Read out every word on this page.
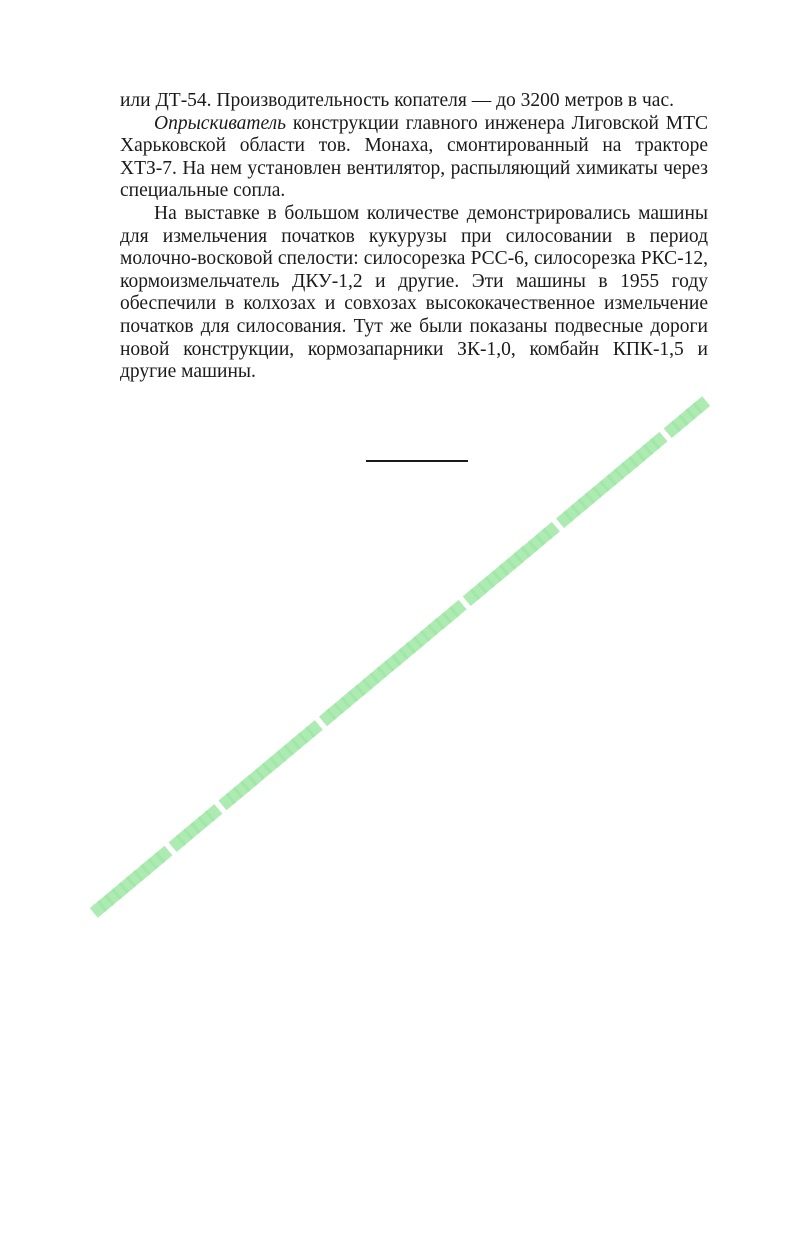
или ДТ-54. Производительность копателя — до 3200 метров в час.

Опрыскиватель конструкции главного инженера Лиговской МТС Харьковской области тов. Монаха, смонтированный на тракторе ХТЗ-7. На нем установлен вентилятор, распыляющий химикаты через специальные сопла.

На выставке в большом количестве демонстрировались машины для измельчения початков кукурузы при силосовании в период молочно-восковой спелости: силосорезка РСС-6, силосорезка РКС-12, кормоизмельчатель ДКУ-1,2 и другие. Эти машины в 1955 году обеспечили в колхозах и совхозах высококачественное измельчение початков для силосования. Тут же были показаны подвесные дороги новой конструкции, кормозапарники ЗК-1,0, комбайн КПК-1,5 и другие машины.
